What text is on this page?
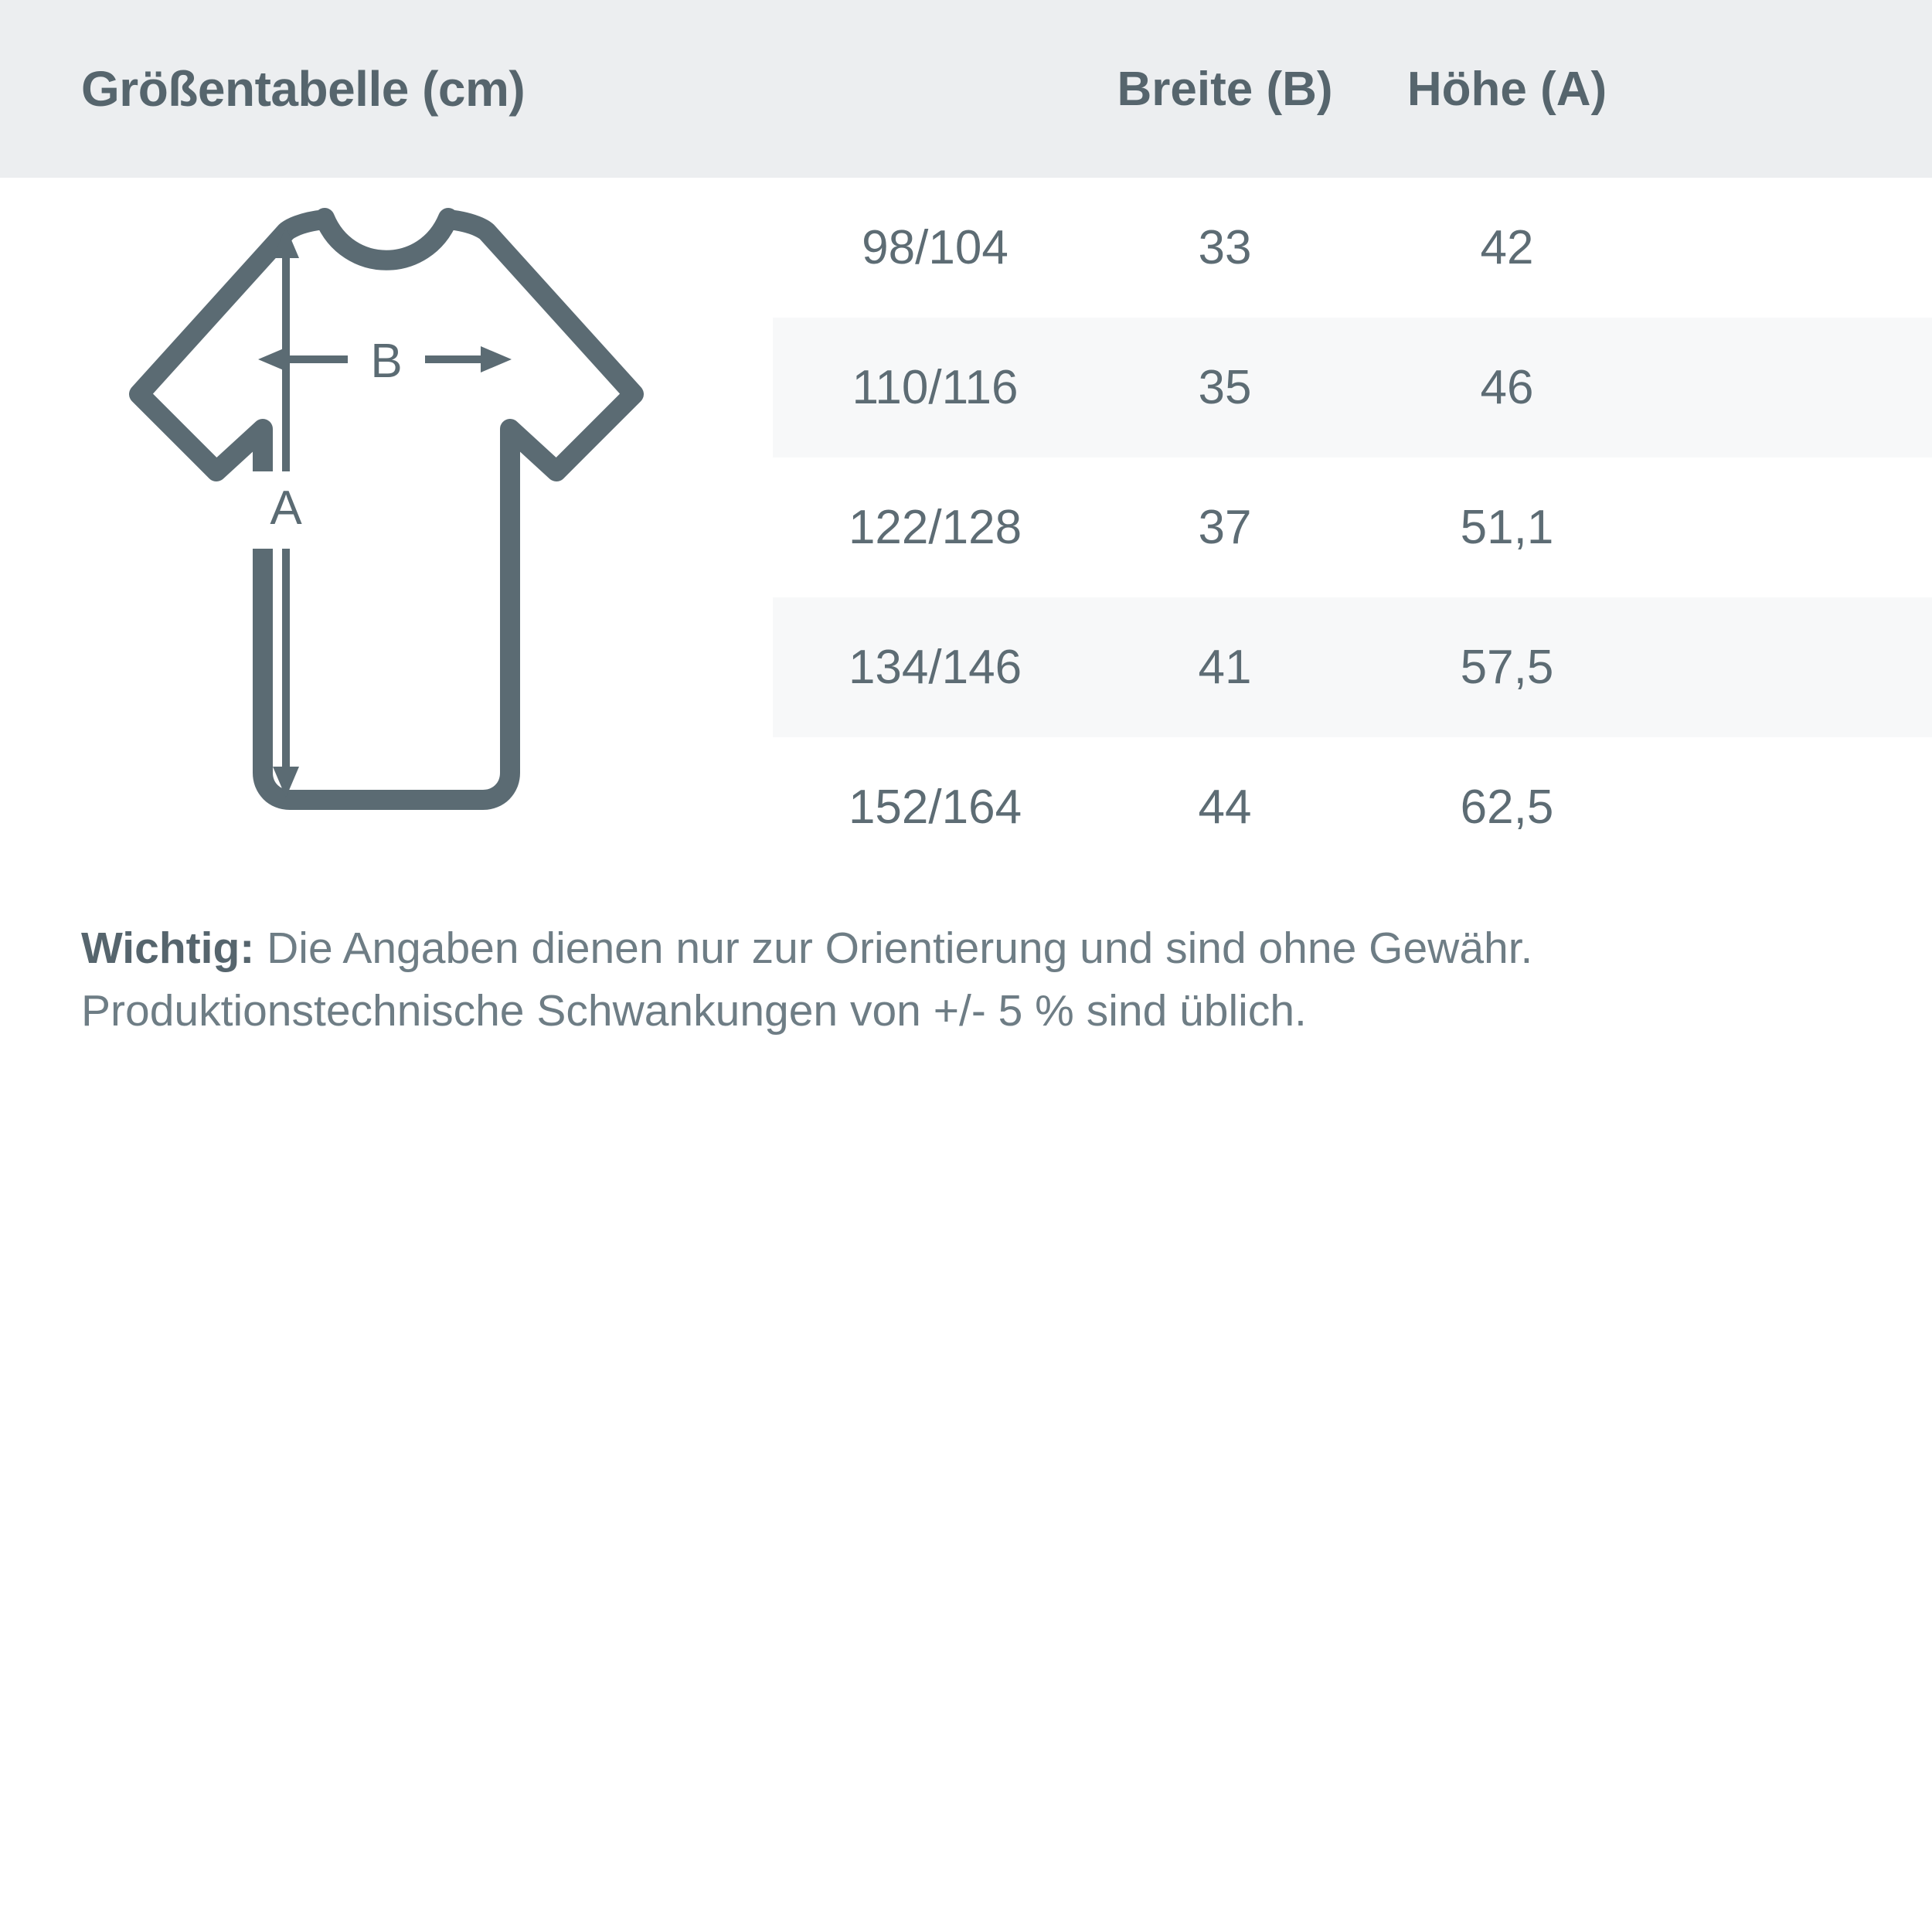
Größentabelle (cm)	Breite (B)	Höhe (A)
A
B
98/104	33	42
110/116	35	46
122/128	37	51,1
134/146	41	57,5
152/164	44	62,5
Wichtig: Die Angaben dienen nur zur Orientierung und sind ohne Gewähr. Produktionstechnische Schwankungen von +/- 5 % sind üblich.
